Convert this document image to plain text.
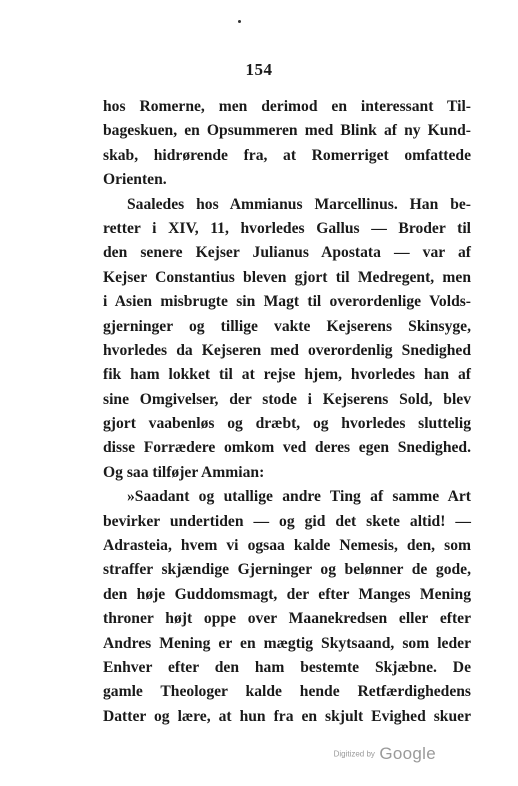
154
hos Romerne, men derimod en interessant Til-
bageskuen, en Opsummeren med Blink af ny Kund-
skab, hidrørende fra, at Romerriget omfattede
Orienten.
Saaledes hos Ammianus Marcellinus. Han be-
retter i XIV, 11, hvorledes Gallus — Broder til
den senere Kejser Julianus Apostata — var af
Kejser Constantius bleven gjort til Medregent, men
i Asien misbrugte sin Magt til overordenlige Volds-
gjerninger og tillige vakte Kejserens Skinsyge,
hvorledes da Kejseren med overordenlig Snedighed
fik ham lokket til at rejse hjem, hvorledes han af
sine Omgivelser, der stode i Kejserens Sold, blev
gjort vaabenløs og dræbt, og hvorledes sluttelig
disse Forrædere omkom ved deres egen Snedighed.
Og saa tilføjer Ammian:
»Saadant og utallige andre Ting af samme Art
bevirker undertiden — og gid det skete altid! —
Adrasteia, hvem vi ogsaa kalde Nemesis, den, som
straffer skjændige Gjerninger og belønner de gode,
den høje Guddomsmagt, der efter Manges Mening
throner højt oppe over Maanekredsen eller efter
Andres Mening er en mægtig Skytsaand, som leder
Enhver efter den ham bestemte Skjæbne. De
gamle Theologer kalde hende Retfærdighedens
Datter og lære, at hun fra en skjult Evighed skuer
Digitized by Google
